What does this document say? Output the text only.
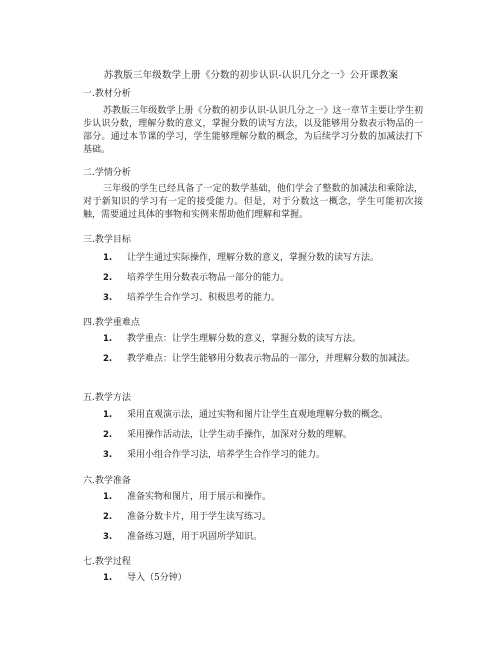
苏教版三年级数学上册《分数的初步认识-认识几分之一》公开课教案
一.教材分析
苏教版三年级数学上册《分数的初步认识-认识几分之一》这一章节主要让学生初步认识分数，理解分数的意义，掌握分数的读写方法，以及能够用分数表示物品的一部分。通过本节课的学习，学生能够理解分数的概念，为后续学习分数的加减法打下基础。
二.学情分析
三年级的学生已经具备了一定的数学基础，他们学会了整数的加减法和乘除法，对于新知识的学习有一定的接受能力。但是，对于分数这一概念，学生可能初次接触，需要通过具体的事物和实例来帮助他们理解和掌握。
三.教学目标
1.	让学生通过实际操作，理解分数的意义，掌握分数的读写方法。
2.	培养学生用分数表示物品一部分的能力。
3.	培养学生合作学习、积极思考的能力。
四.教学重难点
1.	教学重点：让学生理解分数的意义，掌握分数的读写方法。
2.	教学难点：让学生能够用分数表示物品的一部分，并理解分数的加减法。
五.教学方法
1.	采用直观演示法，通过实物和图片让学生直观地理解分数的概念。
2.	采用操作活动法，让学生动手操作，加深对分数的理解。
3.	采用小组合作学习法，培养学生合作学习的能力。
六.教学准备
1.	准备实物和图片，用于展示和操作。
2.	准备分数卡片，用于学生读写练习。
3.	准备练习题，用于巩固所学知识。
七.教学过程
1.	导入（5分钟）
